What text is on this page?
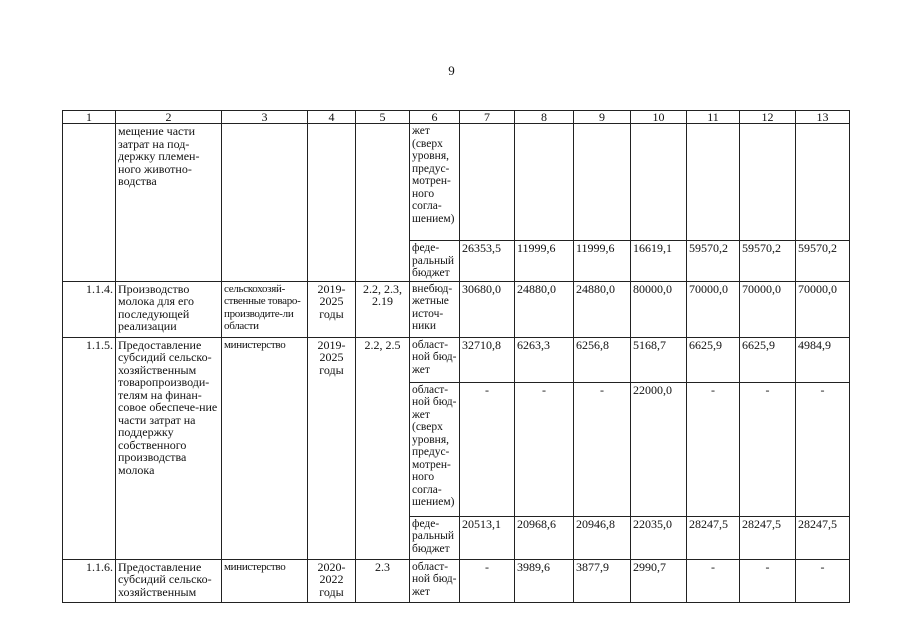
9
1	2	3	4	5	6	7	8	9	10	11	12	13
	мещение части затрат на под-держку племен-ного животно-водства				жет (сверх уровня, предус-мотрен-ного согла-шением)							
					феде-ральный бюджет	26353,5	11999,6	11999,6	16619,1	59570,2	59570,2	59570,2
1.1.4.	Производство молока для его последующей реализации	сельскохозяй-ственные товаро-производите-ли области	2019-2025 годы	2.2, 2.3, 2.19	внебюд-жетные источ-ники	30680,0	24880,0	24880,0	80000,0	70000,0	70000,0	70000,0
1.1.5.	Предоставление субсидий сельско-хозяйственным товаропроизводи-телям на финан-совое обеспече-ние части затрат на поддержку собственного производства молока	министерство	2019-2025 годы	2.2, 2.5	област-ной бюд-жет	32710,8	6263,3	6256,8	5168,7	6625,9	6625,9	4984,9
					област-ной бюд-жет (сверх уровня, предус-мотрен-ного согла-шением)	-	-	-	22000,0	-	-	-
					феде-ральный бюджет	20513,1	20968,6	20946,8	22035,0	28247,5	28247,5	28247,5
1.1.6.	Предоставление субсидий сельско-хозяйственным	министерство	2020-2022 годы	2.3	област-ной бюд-жет	-	3989,6	3877,9	2990,7	-	-	-
